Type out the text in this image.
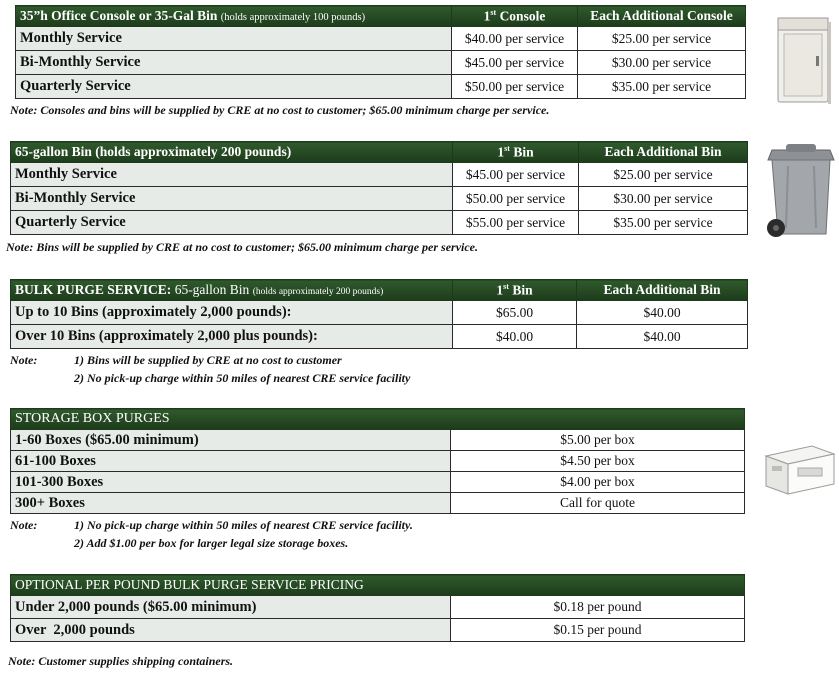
35”h Office Console or 35-Gal Bin (holds approximately 100 pounds)	1st Console	Each Additional Console
Monthly Service	$40.00 per service	$25.00 per service
Bi-Monthly Service	$45.00 per service	$30.00 per service
Quarterly Service	$50.00 per service	$35.00 per service
Note: Consoles and bins will be supplied by CRE at no cost to customer; $65.00 minimum charge per service.
65-gallon Bin (holds approximately 200 pounds)	1st Bin	Each Additional Bin
Monthly Service	$45.00 per service	$25.00 per service
Bi-Monthly Service	$50.00 per service	$30.00 per service
Quarterly Service	$55.00 per service	$35.00 per service
Note: Bins will be supplied by CRE at no cost to customer; $65.00 minimum charge per service.
BULK PURGE SERVICE: 65-gallon Bin (holds approximately 200 pounds)	1st Bin	Each Additional Bin
Up to 10 Bins (approximately 2,000 pounds):	$65.00	$40.00
Over 10 Bins (approximately 2,000 plus pounds):	$40.00	$40.00
Note:	1) Bins will be supplied by CRE at no cost to customer
2) No pick-up charge within 50 miles of nearest CRE service facility
STORAGE BOX PURGES	
1-60 Boxes ($65.00 minimum)	$5.00 per box
61-100 Boxes	$4.50 per box
101-300 Boxes	$4.00 per box
300+ Boxes	Call for quote
Note:	1) No pick-up charge within 50 miles of nearest CRE service facility.
2) Add $1.00 per box for larger legal size storage boxes.
OPTIONAL PER POUND BULK PURGE SERVICE PRICING	
Under 2,000 pounds ($65.00 minimum)	$0.18 per pound
Over  2,000 pounds	$0.15 per pound
Note: Customer supplies shipping containers.
